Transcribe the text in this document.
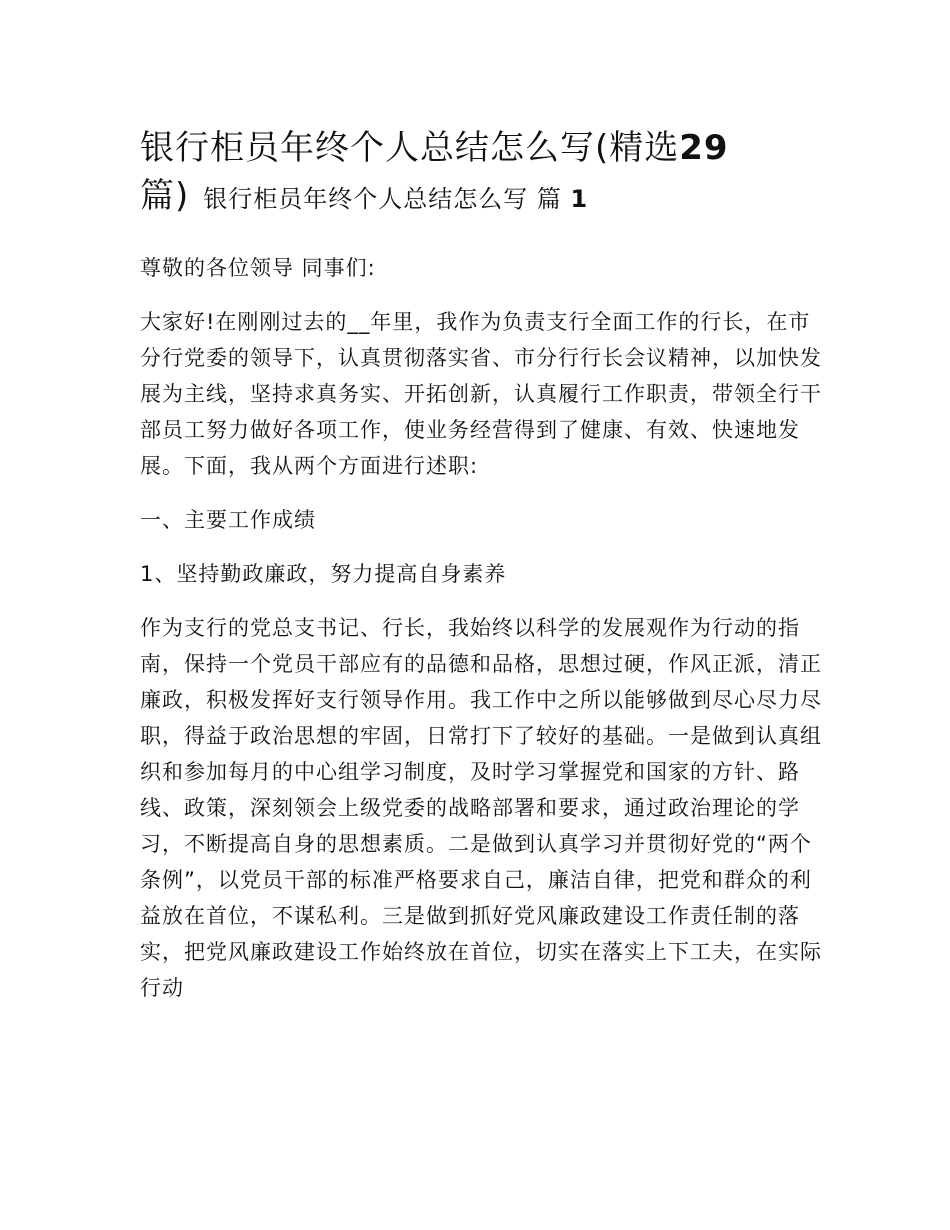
银行柜员年终个人总结怎么写(精选29
篇) 银行柜员年终个人总结怎么写 篇 1

尊敬的各位领导 同事们:

大家好!在刚刚过去的__年里，我作为负责支行全面工作的行长，在市分行党委的领导下，认真贯彻落实省、市分行行长会议精神，以加快发展为主线，坚持求真务实、开拓创新，认真履行工作职责，带领全行干部员工努力做好各项工作，使业务经营得到了健康、有效、快速地发展。下面，我从两个方面进行述职:

一、主要工作成绩

1、坚持勤政廉政，努力提高自身素养

作为支行的党总支书记、行长，我始终以科学的发展观作为行动的指南，保持一个党员干部应有的品德和品格，思想过硬，作风正派，清正廉政，积极发挥好支行领导作用。我工作中之所以能够做到尽心尽力尽职，得益于政治思想的牢固，日常打下了较好的基础。一是做到认真组织和参加每月的中心组学习制度，及时学习掌握党和国家的方针、路线、政策，深刻领会上级党委的战略部署和要求，通过政治理论的学习，不断提高自身的思想素质。二是做到认真学习并贯彻好党的“两个条例”，以党员干部的标准严格要求自己，廉洁自律，把党和群众的利益放在首位，不谋私利。三是做到抓好党风廉政建设工作责任制的落实，把党风廉政建设工作始终放在首位，切实在落实上下工夫，在实际行动
